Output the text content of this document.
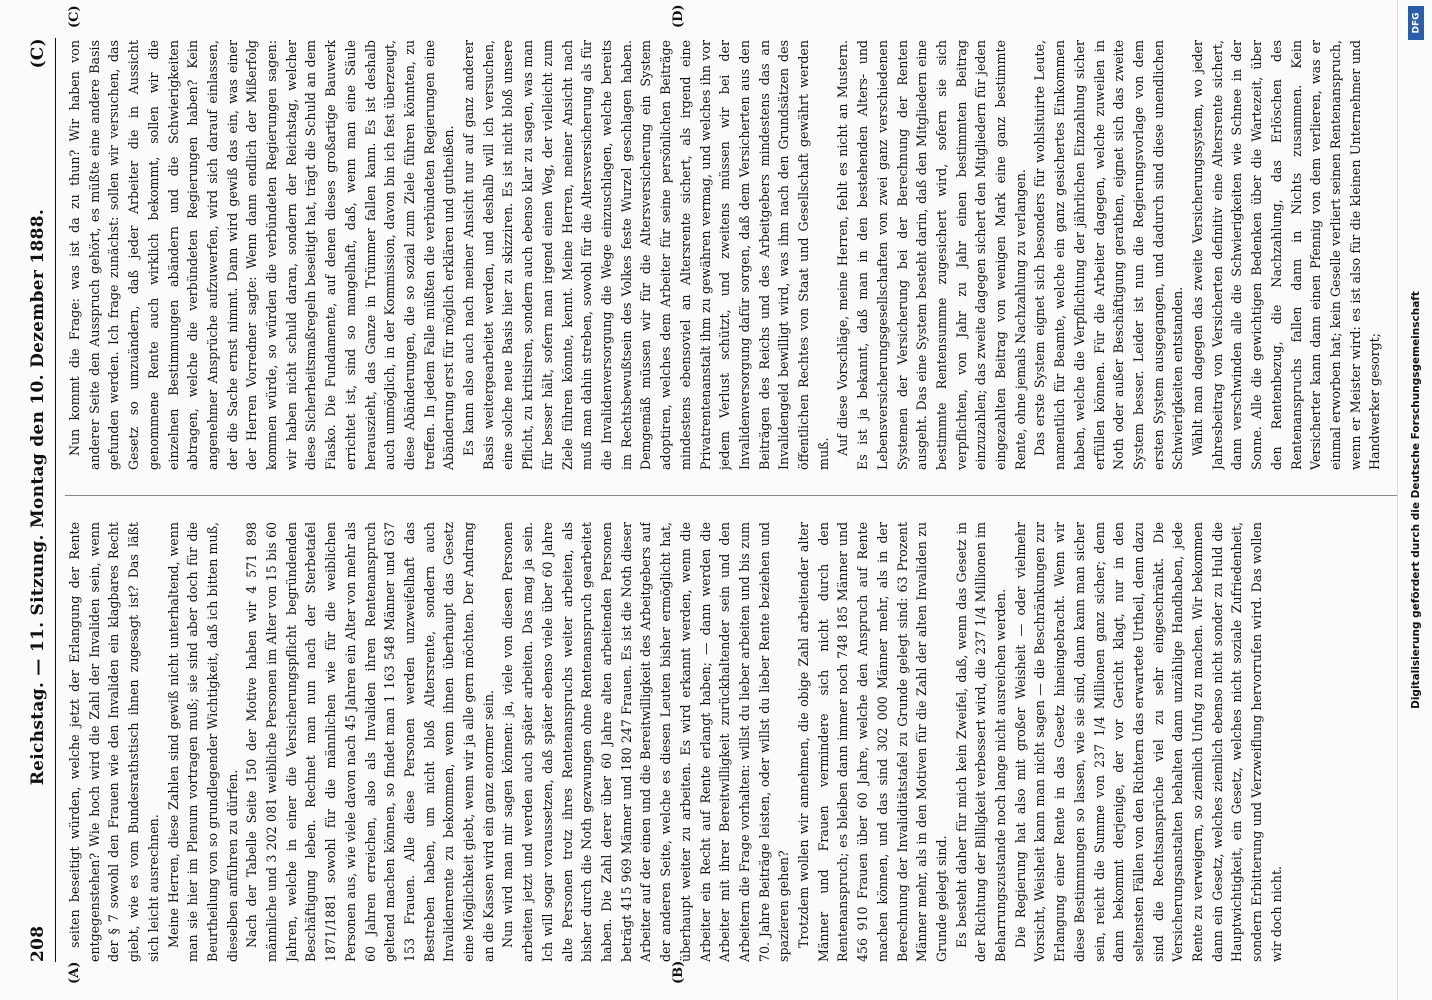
Digitalisierung gefördert durch die Deutsche Forschungsgemeinschaft
DFG
208
Reichstag. — 11. Sitzung. Montag den 10. Dezember 1888.
(C)
(A)	(B)
(C)	(D)

seiten beseitigt würden, welche jetzt der Erlangung der Rente entgegenstehen? Wie hoch wird die Zahl der Invaliden sein, wenn der § 7 sowohl den Frauen wie den Invaliden ein klagbares Recht giebt, wie es vom Bundesrathstisch ihnen zugesagt ist? Das läßt sich leicht ausrechnen. Meine Herren, diese Zahlen sind gewiß nicht unterhaltend, wenn man sie hier im Plenum vortragen muß; sie sind aber doch für die Beurtheilung von so grundlegender Wichtigkeit, daß ich bitten muß, dieselben anführen zu dürfen. Nach der Tabelle Seite 150 der Motive haben wir 4 571 898 männliche und 3 202 081 weibliche Personen im Alter von 15 bis 60 Jahren, welche in einer die Versicherungspflicht begründenden Beschäftigung leben. Rechnet man nun nach der Sterbetafel 1871/1881 sowohl für die männlichen wie für die weiblichen Personen aus, wie viele davon nach 45 Jahren ein Alter von mehr als 60 Jahren erreichen, also als Invaliden ihren Rentenanspruch geltend machen können, so findet man 1 163 548 Männer und 637 153 Frauen. Alle diese Personen werden unzweifelhaft das Bestreben haben, um nicht bloß Altersrente, sondern auch Invalidenrente zu bekommen, wenn ihnen überhaupt das Gesetz eine Möglichkeit giebt, wenn wir ja alle gern möchten. Der Andrang an die Kassen wird ein ganz enormer sein. Nun wird man mir sagen können: ja, viele von diesen Personen arbeiten jetzt und werden auch später arbeiten. Das mag ja sein. Ich will sogar voraussetzen, daß später ebenso viele über 60 Jahre alte Personen trotz ihres Rentenanspruchs weiter arbeiten, als bisher durch die Noth gezwungen ohne Rentenanspruch gearbeitet haben. Die Zahl derer über 60 Jahre alten arbeitenden Personen beträgt 415 969 Männer und 180 247 Frauen. Es ist die Noth dieser Arbeiter auf der einen und die Bereitwilligkeit des Arbeitgebers auf der anderen Seite, welche es diesen Leuten bisher ermöglicht hat, überhaupt weiter zu arbeiten. Es wird erkannt werden, wenn die Arbeiter ein Recht auf Rente erlangt haben; — dann werden die Arbeiter mit ihrer Bereitwilligkeit zurückhaltender sein und den Arbeitern die Frage vorhalten: willst du lieber arbeiten und bis zum 70. Jahre Beiträge leisten, oder willst du lieber Rente beziehen und spazieren gehen? Trotzdem wollen wir annehmen, die obige Zahl arbeitender alter Männer und Frauen vermindere sich nicht durch den Rentenanspruch; es bleiben dann immer noch 748 185 Männer und 456 910 Frauen über 60 Jahre, welche den Anspruch auf Rente machen können, und das sind 302 000 Männer mehr, als in der Berechnung der Invaliditätstafel zu Grunde gelegt sind: 63 Prozent Männer mehr, als in den Motiven für die Zahl der alten Invaliden zu Grunde gelegt sind. Es besteht daher für mich kein Zweifel, daß, wenn das Gesetz in der Richtung der Billigkeit verbessert wird, die 237 1/4 Millionen im Beharrungszustande noch lange nicht ausreichen werden. Die Regierung hat also mit großer Weisheit — oder vielmehr Vorsicht, Weisheit kann man nicht sagen — die Beschränkungen zur Erlangung einer Rente in das Gesetz hineingebracht. Wenn wir diese Bestimmungen so lassen, wie sie sind, dann kann man sicher sein, reicht die Summe von 237 1/4 Millionen ganz sicher; denn dann bekommt derjenige, der vor Gericht klagt, nur in den seltensten Fällen von den Richtern das erwartete Urtheil, denn dazu sind die Rechtsansprüche viel zu sehr eingeschränkt. Die Versicherungsanstalten behalten dann unzählige Handhaben, jede Rente zu verweigern, so ziemlich Unfug zu machen. Wir bekommen dann ein Gesetz, welches ziemlich ebenso nicht sonder zu Huld die Hauptwichtigkeit, ein Gesetz, welches nicht soziale Zufriedenheit, sondern Erbitterung und Verzweiflung hervorrufen wird. Das wollen wir doch nicht.

Nun kommt die Frage: was ist da zu thun? Wir haben von anderer Seite den Ausspruch gehört, es müßte eine andere Basis gefunden werden. Ich frage zunächst: sollen wir versuchen, das Gesetz so umzuändern, daß jeder Arbeiter die in Aussicht genommene Rente auch wirklich bekommt, sollen wir die einzelnen Bestimmungen abändern und die Schwierigkeiten abtragen, welche die verbündeten Regierungen haben? Kein angenehmer Ansprüche aufzuwerfen, wird sich darauf einlassen, der die Sache ernst nimmt. Dann wird gewiß das ein, was einer der Herren Vorredner sagte: Wenn dann endlich der Mißerfolg kommen würde, so würden die verbündeten Regierungen sagen: wir haben nicht schuld daran, sondern der Reichstag, welcher diese Sicherheitsmaßregeln beseitigt hat, trägt die Schuld an dem Fiasko. Die Fundamente, auf denen dieses großartige Bauwerk errichtet ist, sind so mangelhaft, daß, wenn man eine Säule herauszieht, das Ganze in Trümmer fallen kann. Es ist deshalb auch unmöglich, in der Kommission, davon bin ich fest überzeugt, diese Abänderungen, die so sozial zum Ziele führen könnten, zu treffen. In jedem Falle müßten die verbündeten Regierungen eine Abänderung erst für möglich erklären und gutheißen. Es kann also auch nach meiner Ansicht nur auf ganz anderer Basis weitergearbeitet werden, und deshalb will ich versuchen, eine solche neue Basis hier zu skizziren. Es ist nicht bloß unsere Pflicht, zu kritisiren, sondern auch ebenso klar zu sagen, was man für besser hält, sofern man irgend einen Weg, der vielleicht zum Ziele führen könnte, kennt. Meine Herren, meiner Ansicht nach muß man dahin streben, sowohl für die Altersversicherung als für die Invalidenversorgung die Wege einzuschlagen, welche bereits im Rechtsbewußtsein des Volkes feste Wurzel geschlagen haben. Demgemäß müssen wir für die Altersversicherung ein System adoptiren, welches dem Arbeiter für seine persönlichen Beiträge mindestens ebensoviel an Altersrente sichert, als irgend eine Privatrentenanstalt ihm zu gewähren vermag, und welches ihn vor jedem Verlust schützt, und zweitens müssen wir bei der Invalidenversorgung dafür sorgen, daß dem Versicherten aus den Beiträgen des Reichs und des Arbeitgebers mindestens das an Invalidengeld bewilligt wird, was ihm nach den Grundsätzen des öffentlichen Rechtes von Staat und Gesellschaft gewährt werden muß. Auf diese Vorschläge, meine Herren, fehlt es nicht an Mustern. Es ist ja bekannt, daß man in den bestehenden Alters- und Lebensversicherungsgesellschaften von zwei ganz verschiedenen Systemen der Versicherung bei der Berechnung der Renten ausgeht. Das eine System besteht darin, daß den Mitgliedern eine bestimmte Rentensumme zugesichert wird, sofern sie sich verpflichten, von Jahr zu Jahr einen bestimmten Beitrag einzuzahlen; das zweite dagegen sichert den Mitgliedern für jeden eingezahlten Beitrag von wenigen Mark eine ganz bestimmte Rente, ohne jemals Nachzahlung zu verlangen. Das erste System eignet sich besonders für wohlsituirte Leute, namentlich für Beamte, welche ein ganz gesichertes Einkommen haben, welche die Verpflichtung der jährlichen Einzahlung sicher erfüllen können. Für die Arbeiter dagegen, welche zuweilen in Noth oder außer Beschäftigung gerathen, eignet sich das zweite System besser. Leider ist nun die Regierungsvorlage von dem ersten System ausgegangen, und dadurch sind diese unendlichen Schwierigkeiten entstanden. Wählt man dagegen das zweite Versicherungssystem, wo jeder Jahresbeitrag von Versicherten definitiv eine Altersrente sichert, dann verschwinden alle die Schwierigkeiten wie Schnee in der Sonne. Alle die gewichtigen Bedenken über die Wartezeit, über den Rentenbezug, die Nachzahlung, das Erlöschen des Rentenanspruchs fallen dann in Nichts zusammen. Kein Versicherter kann dann einen Pfennig von dem verlieren, was er einmal erworben hat; kein Geselle verliert seinen Rentenanspruch, wenn er Meister wird: es ist also für die kleinen Unternehmer und Handwerker gesorgt;
